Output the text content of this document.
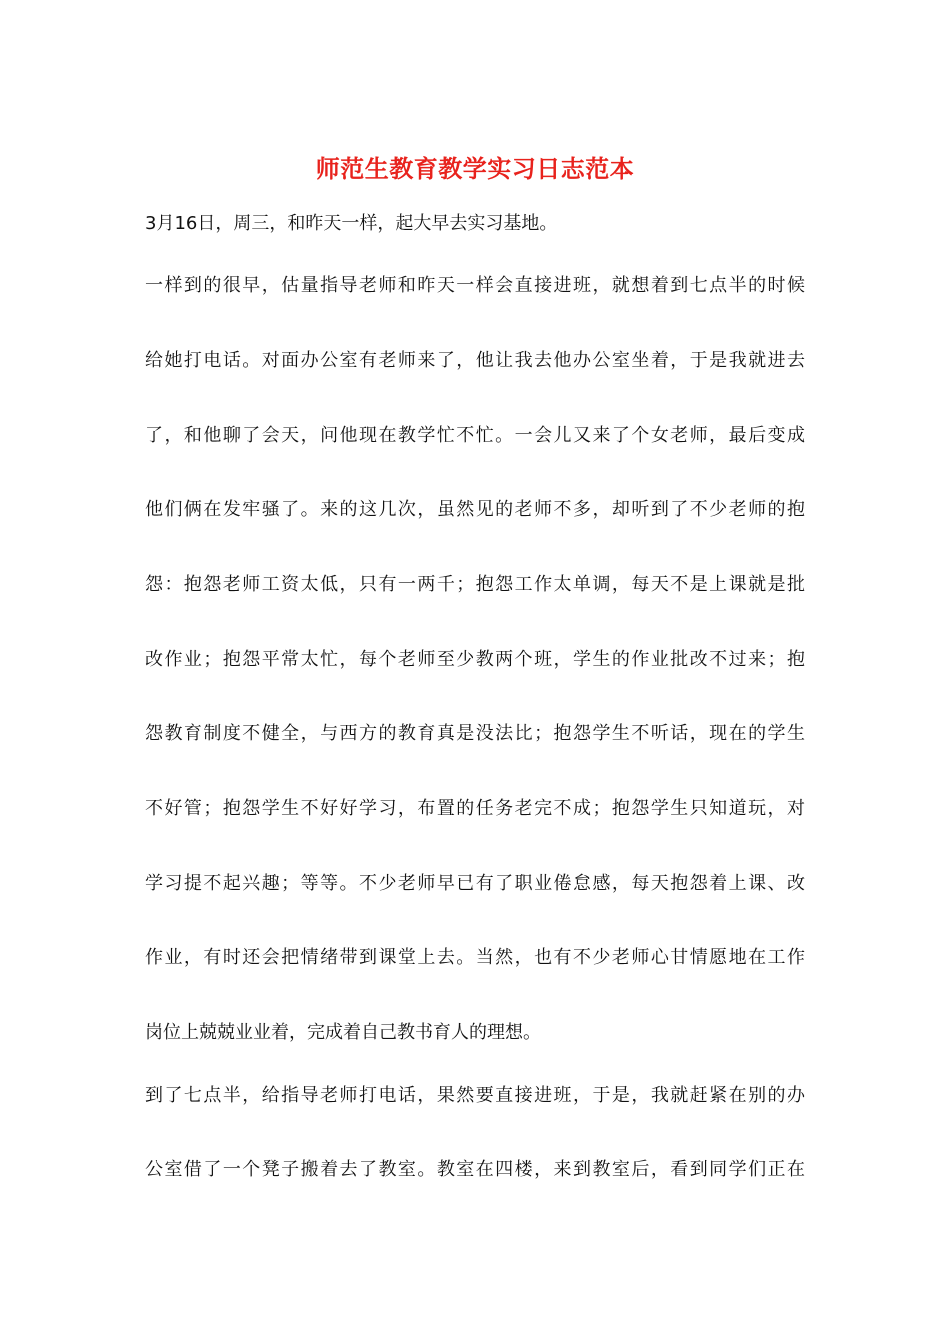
师范生教育教学实习日志范本
3月16日，周三，和昨天一样，起大早去实习基地。
一样到的很早，估量指导老师和昨天一样会直接进班，就想着到七点半的时候
给她打电话。对面办公室有老师来了，他让我去他办公室坐着，于是我就进去
了，和他聊了会天，问他现在教学忙不忙。一会儿又来了个女老师，最后变成
他们俩在发牢骚了。来的这几次，虽然见的老师不多，却听到了不少老师的抱
怨：抱怨老师工资太低，只有一两千；抱怨工作太单调，每天不是上课就是批
改作业；抱怨平常太忙，每个老师至少教两个班，学生的作业批改不过来；抱
怨教育制度不健全，与西方的教育真是没法比；抱怨学生不听话，现在的学生
不好管；抱怨学生不好好学习，布置的任务老完不成；抱怨学生只知道玩，对
学习提不起兴趣；等等。不少老师早已有了职业倦怠感，每天抱怨着上课、改
作业，有时还会把情绪带到课堂上去。当然，也有不少老师心甘情愿地在工作
岗位上兢兢业业着，完成着自己教书育人的理想。
到了七点半，给指导老师打电话，果然要直接进班，于是，我就赶紧在别的办
公室借了一个凳子搬着去了教室。教室在四楼，来到教室后，看到同学们正在
